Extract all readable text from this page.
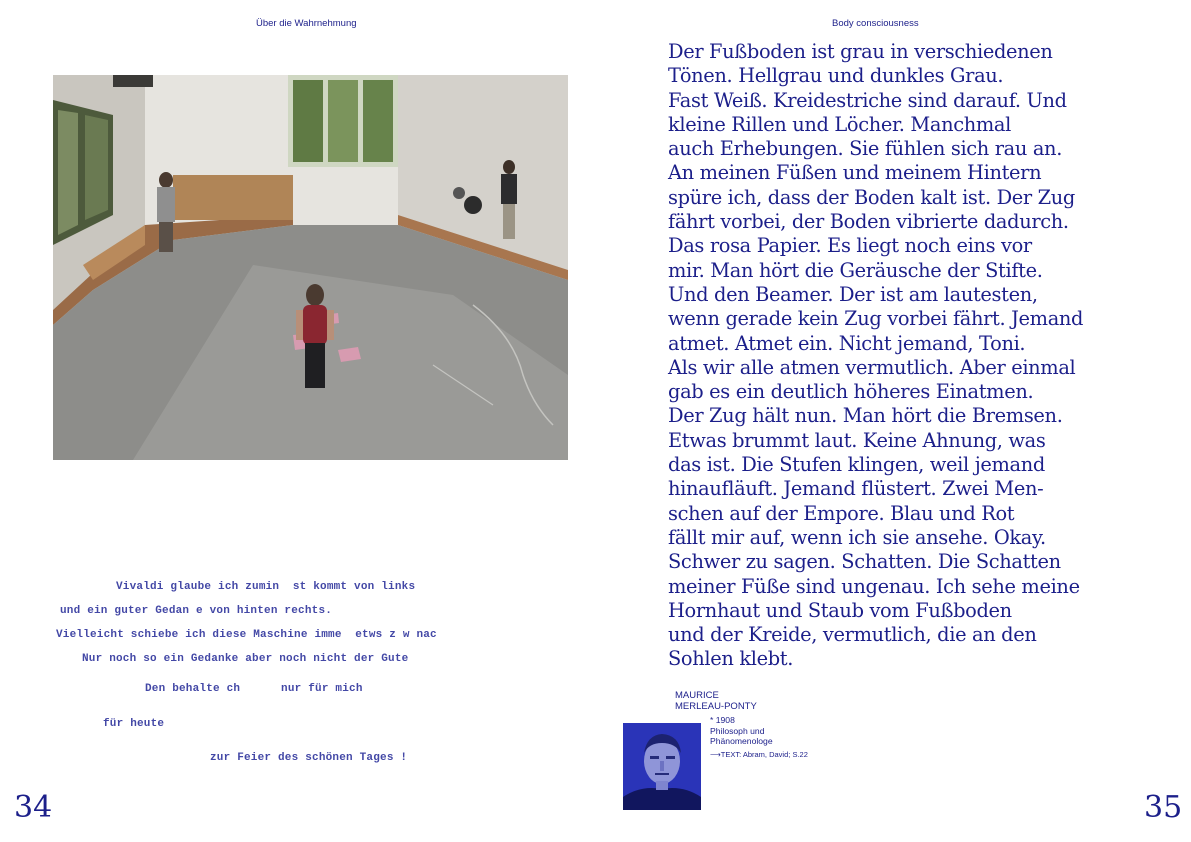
Über die Wahrnehmung
Vivaldi glaube ich zumin  st kommt von links
und ein guter Gedan e von hinten rechts.
Vielleicht schiebe ich diese Maschine imme  etws z w nac
Nur noch so ein Gedanke aber noch nicht der Gute
Den behalte ch      nur für mich
für heute
zur Feier des schönen Tages !
34
Body consciousness
Der Fußboden ist grau in verschiedenen
Tönen. Hellgrau und dunkles Grau.
Fast Weiß. Kreidestriche sind darauf. Und
kleine Rillen und Löcher. Manchmal
auch Erhebungen. Sie fühlen sich rau an.
An meinen Füßen und meinem Hintern
spüre ich, dass der Boden kalt ist. Der Zug
fährt vorbei, der Boden vibrierte dadurch.
Das rosa Papier. Es liegt noch eins vor
mir. Man hört die Geräusche der Stifte.
Und den Beamer. Der ist am lautesten,
wenn gerade kein Zug vorbei fährt. Jemand
atmet. Atmet ein. Nicht jemand, Toni.
Als wir alle atmen vermutlich. Aber einmal
gab es ein deutlich höheres Einatmen.
Der Zug hält nun. Man hört die Bremsen.
Etwas brummt laut. Keine Ahnung, was
das ist. Die Stufen klingen, weil jemand
hinaufläuft. Jemand flüstert. Zwei Men-
schen auf der Empore. Blau und Rot
fällt mir auf, wenn ich sie ansehe. Okay.
Schwer zu sagen. Schatten. Die Schatten
meiner Füße sind ungenau. Ich sehe meine
Hornhaut und Staub vom Fußboden
und der Kreide, vermutlich, die an den
Sohlen klebt.
MAURICE
MERLEAU-PONTY
* 1908
Philosoph und
Phänomenologe
⟶TEXT: Abram, David; S.22
35
